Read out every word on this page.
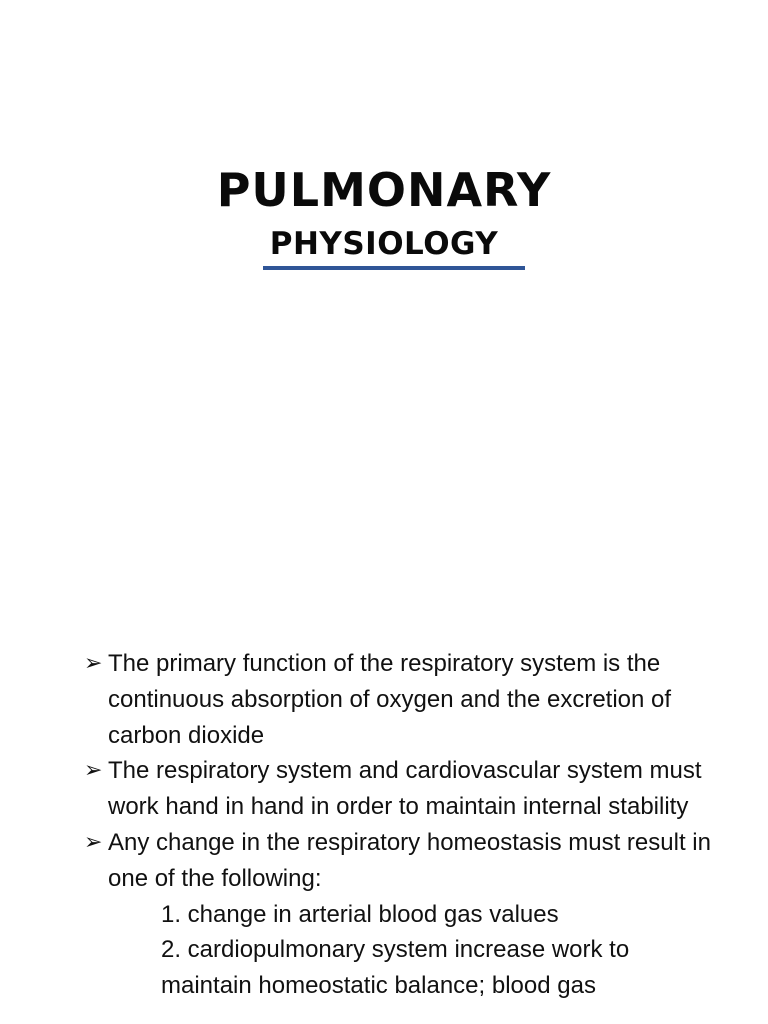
PULMONARY
PHYSIOLOGY
➢ The primary function of the respiratory system is the continuous absorption of oxygen and the excretion of carbon dioxide
➢ The respiratory system and cardiovascular system must work hand in hand in order to maintain internal stability
➢ Any change in the respiratory homeostasis must result in one of the following:
1. change in arterial blood gas values
2. cardiopulmonary system increase work to maintain homeostatic balance; blood gas
